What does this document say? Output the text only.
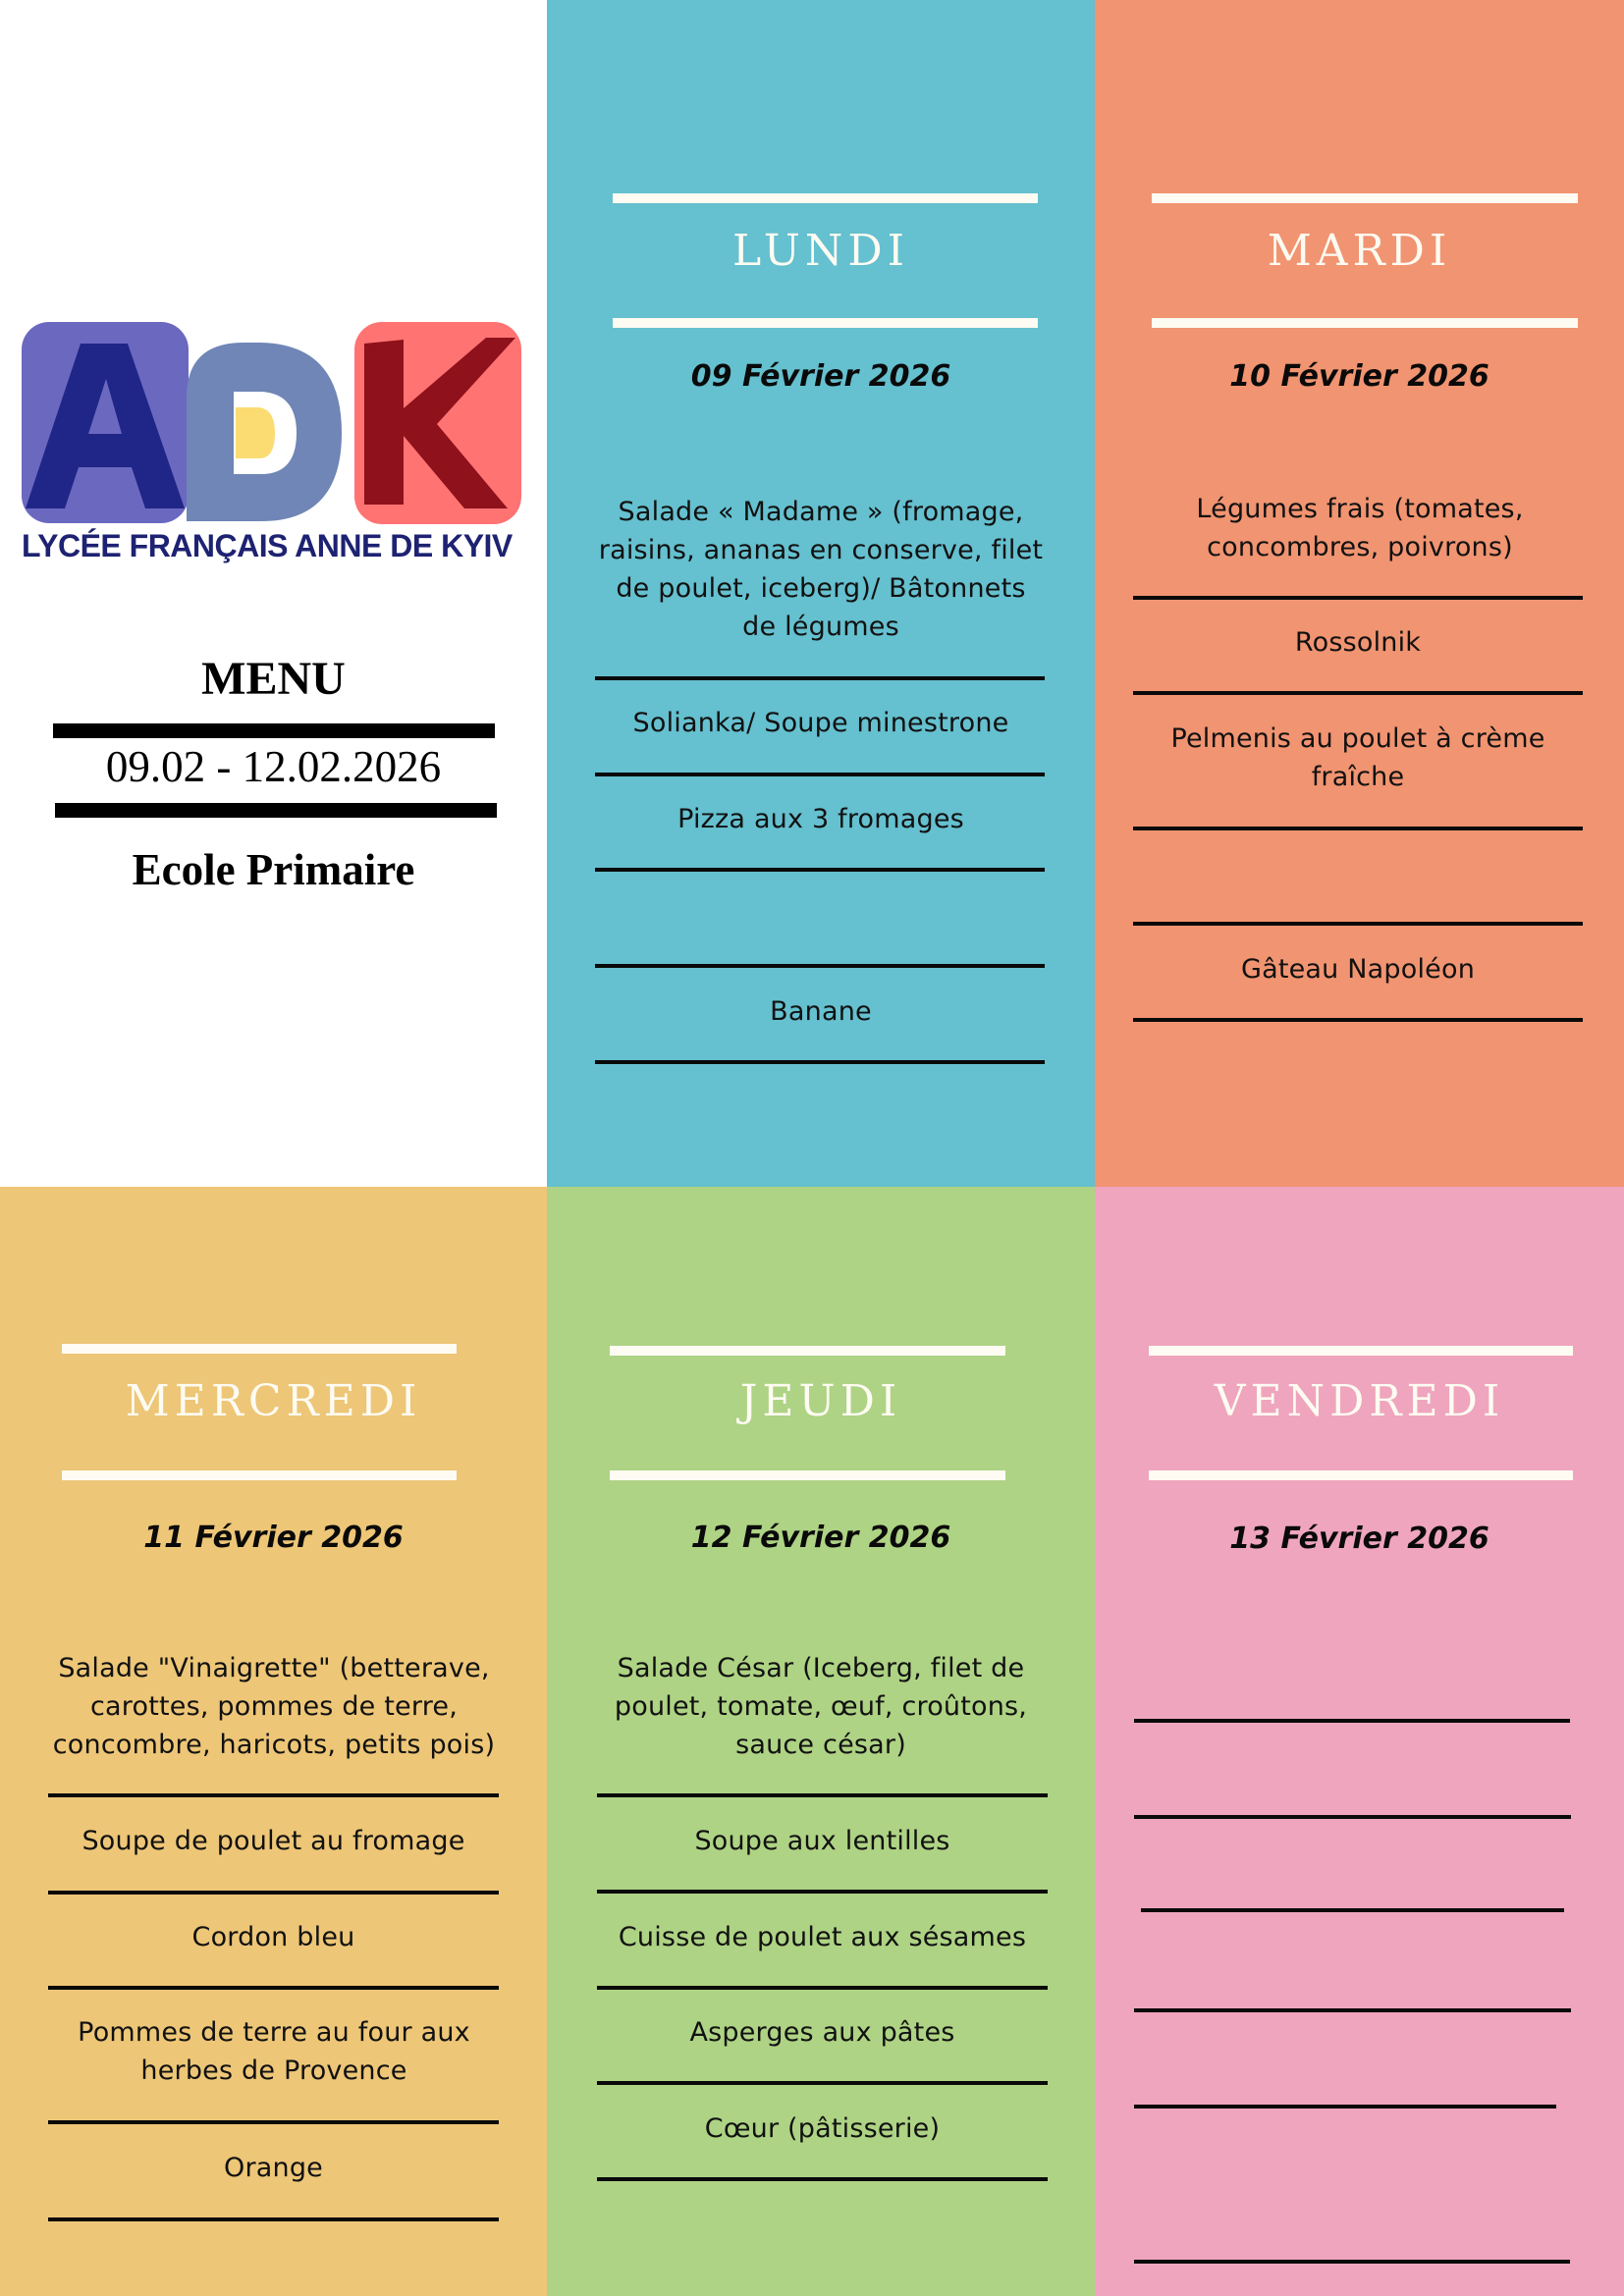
LYCÉE FRANÇAIS ANNE DE KYIV
MENU
09.02 - 12.02.2026
Ecole Primaire
LUNDI
09 Février 2026
Salade « Madame » (fromage, raisins, ananas en conserve, filet de poulet, iceberg)/ Bâtonnets de légumes
Solianka/ Soupe minestrone
Pizza aux 3 fromages
Banane
MARDI
10 Février 2026
Légumes frais (tomates, concombres, poivrons)
Rossolnik
Pelmenis au poulet à crème fraîche
Gâteau Napoléon
MERCREDI
11 Février 2026
Salade "Vinaigrette" (betterave, carottes, pommes de terre, concombre, haricots, petits pois)
Soupe de poulet au fromage
Cordon bleu
Pommes de terre au four aux herbes de Provence
Orange
JEUDI
12 Février 2026
Salade César (Iceberg, filet de poulet, tomate, œuf, croûtons, sauce césar)
Soupe aux lentilles
Cuisse de poulet aux sésames
Asperges aux pâtes
Cœur (pâtisserie)
VENDREDI
13 Février 2026
